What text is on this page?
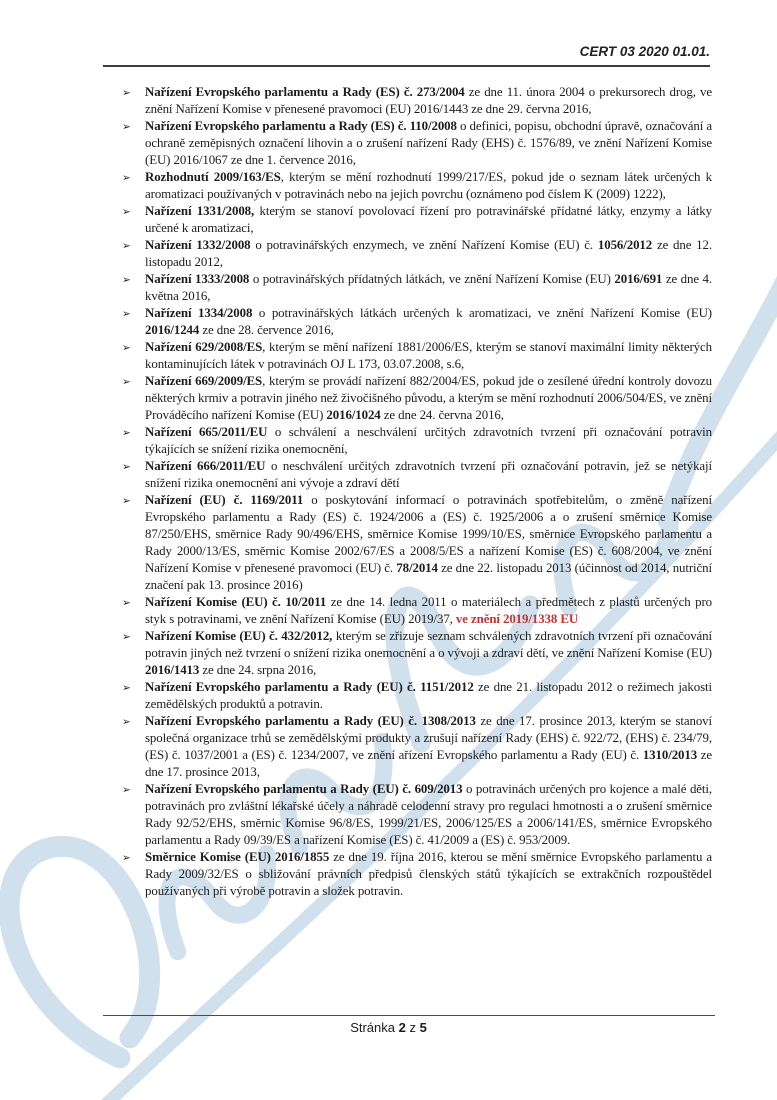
CERT 03 2020 01.01.
➢ Nařízení Evropského parlamentu a Rady (ES) č. 273/2004 ze dne 11. února 2004 o prekursorech drog, ve znění Nařízení Komise v přenesené pravomoci (EU) 2016/1443 ze dne 29. června 2016,
➢ Nařízení Evropského parlamentu a Rady (ES) č. 110/2008 o definici, popisu, obchodní úpravě, označování a ochraně zeměpisných označení lihovin a o zrušení nařízení Rady (EHS) č. 1576/89, ve znění Nařízení Komise (EU) 2016/1067 ze dne 1. července 2016,
➢ Rozhodnutí 2009/163/ES, kterým se mění rozhodnutí 1999/217/ES, pokud jde o seznam látek určených k aromatizaci používaných v potravinách nebo na jejich povrchu (oznámeno pod číslem K (2009) 1222),
➢ Nařízení 1331/2008, kterým se stanoví povolovací řízení pro potravinářské přídatné látky, enzymy a látky určené k aromatizaci,
➢ Nařízení 1332/2008 o potravinářských enzymech, ve znění Nařízení Komise (EU) č. 1056/2012 ze dne 12. listopadu 2012,
➢ Nařízení 1333/2008 o potravinářských přídatných látkách, ve znění Nařízení Komise (EU) 2016/691 ze dne 4. května 2016,
➢ Nařízení 1334/2008 o potravinářských látkách určených k aromatizaci, ve znění Nařízení Komise (EU) 2016/1244 ze dne 28. července 2016,
➢ Nařízení 629/2008/ES, kterým se mění nařízení 1881/2006/ES, kterým se stanoví maximální limity některých kontaminujících látek v potravinách OJ L 173, 03.07.2008, s.6,
➢ Nařízení 669/2009/ES, kterým se provádí nařízení 882/2004/ES, pokud jde o zesílené úřední kontroly dovozu některých krmiv a potravin jiného než živočišného původu, a kterým se mění rozhodnutí 2006/504/ES, ve znění Prováděcího nařízení Komise (EU) 2016/1024 ze dne 24. června 2016,
➢ Nařízení 665/2011/EU o schválení a neschválení určitých zdravotních tvrzení při označování potravin týkajících se snížení rizika onemocnění,
➢ Nařízení 666/2011/EU o neschválení určitých zdravotních tvrzení při označování potravin, jež se netýkají snížení rizika onemocnění ani vývoje a zdraví dětí
➢ Nařízení (EU) č. 1169/2011 o poskytování informací o potravinách spotřebitelům, o změně nařízení Evropského parlamentu a Rady (ES) č. 1924/2006 a (ES) č. 1925/2006 a o zrušení směrnice Komise 87/250/EHS, směrnice Rady 90/496/EHS, směrnice Komise 1999/10/ES, směrnice Evropského parlamentu a Rady 2000/13/ES, směrnic Komise 2002/67/ES a 2008/5/ES a nařízení Komise (ES) č. 608/2004, ve znění Nařízení Komise v přenesené pravomoci (EU) č. 78/2014 ze dne 22. listopadu 2013 (účinnost od 2014, nutriční značení pak 13. prosince 2016)
➢ Nařízení Komise (EU) č. 10/2011 ze dne 14. ledna 2011 o materiálech a předmětech z plastů určených pro styk s potravinami, ve znění Nařízení Komise (EU) 2019/37, ve znění 2019/1338 EU
➢ Nařízení Komise (EU) č. 432/2012, kterým se zřizuje seznam schválených zdravotních tvrzení při označování potravin jiných než tvrzení o snížení rizika onemocnění a o vývoji a zdraví dětí, ve znění Nařízení Komise (EU) 2016/1413 ze dne 24. srpna 2016,
➢ Nařízení Evropského parlamentu a Rady (EU) č. 1151/2012 ze dne 21. listopadu 2012 o režimech jakosti zemědělských produktů a potravin.
➢ Nařízení Evropského parlamentu a Rady (EU) č. 1308/2013 ze dne 17. prosince 2013, kterým se stanoví společná organizace trhů se zemědělskými produkty a zrušují nařízení Rady (EHS) č. 922/72, (EHS) č. 234/79, (ES) č. 1037/2001 a (ES) č. 1234/2007, ve znění ařízení Evropského parlamentu a Rady (EU) č. 1310/2013 ze dne 17. prosince 2013,
➢ Nařízení Evropského parlamentu a Rady (EU) č. 609/2013 o potravinách určených pro kojence a malé děti, potravinách pro zvláštní lékařské účely a náhradě celodenní stravy pro regulaci hmotnosti a o zrušení směrnice Rady 92/52/EHS, směrnic Komise 96/8/ES, 1999/21/ES, 2006/125/ES a 2006/141/ES, směrnice Evropského parlamentu a Rady 09/39/ES a nařízení Komise (ES) č. 41/2009 a (ES) č. 953/2009.
➢ Směrnice Komise (EU) 2016/1855 ze dne 19. října 2016, kterou se mění směrnice Evropského parlamentu a Rady 2009/32/ES o sbližování právních předpisů členských států týkajících se extrakčních rozpouštědel používaných při výrobě potravin a složek potravin.
Stránka 2 z 5
